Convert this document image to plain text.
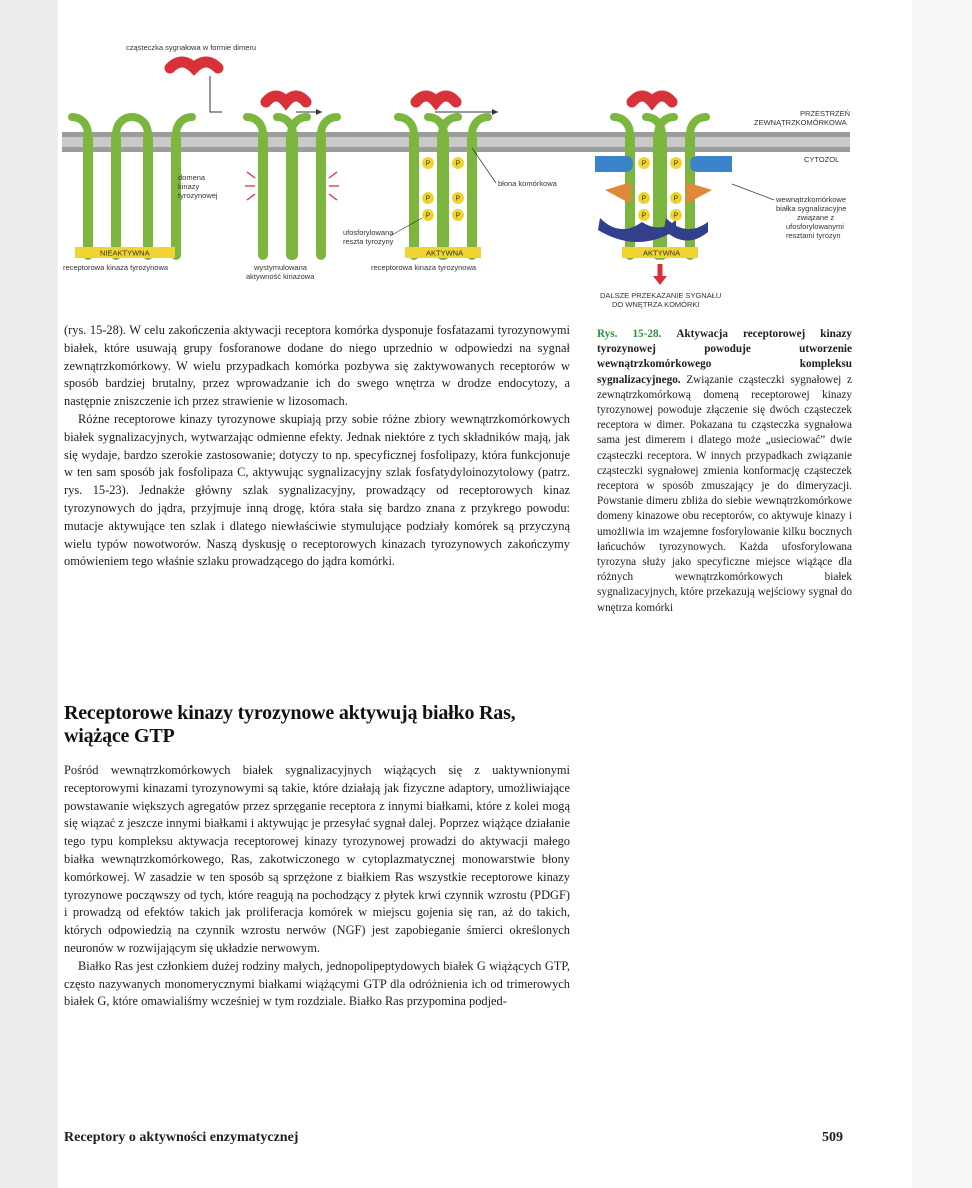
cząsteczka sygnałowa w formie dimeru
domena
kinazy
tyrozynowej
NIEAKTYWNA
receptorowa kinaza tyrozynowa	wystymulowana
aktywność kinazowa
P	P
P	P
P	P
błona komórkowa
ufosforylowana
reszta tyrozyny
AKTYWNA
receptorowa kinaza tyrozynowa
P	P
P	P
P	P
AKTYWNA
DALSZE PRZEKAZANIE SYGNAŁU
DO WNĘTRZA KOMÓRKI
PRZESTRZEŃ
ZEWNĄTRZKOMÓRKOWA
CYTOZOL
wewnątrzkomórkowe
białka sygnalizacyjne
związane z
ufosforylowanymi
resztami tyrozyn

(rys. 15-28). W celu zakończenia aktywacji receptora komórka dysponuje fosfatazami tyrozynowymi białek, które usuwają grupy fosforanowe dodane do niego uprzednio w odpowiedzi na sygnał zewnątrzkomórkowy. W wielu przypadkach komórka pozbywa się zaktywowanych receptorów w sposób bardziej brutalny, przez wprowadzanie ich do swego wnętrza w drodze endocytozy, a następnie zniszczenie ich przez strawienie w lizosomach.

Różne receptorowe kinazy tyrozynowe skupiają przy sobie różne zbiory wewnątrzkomórkowych białek sygnalizacyjnych, wytwarzając odmienne efekty. Jednak niektóre z tych składników mają, jak się wydaje, bardzo szerokie zastosowanie; dotyczy to np. specyficznej fosfolipazy, która funkcjonuje w ten sam sposób jak fosfolipaza C, aktywując sygnalizacyjny szlak fosfatydyloinozytolowy (patrz. rys. 15-23). Jednakże główny szlak sygnalizacyjny, prowadzący od receptorowych kinaz tyrozynowych do jądra, przyjmuje inną drogę, która stała się bardzo znana z przykrego powodu: mutacje aktywujące ten szlak i dlatego niewłaściwie stymulujące podziały komórek są przyczyną wielu typów nowotworów. Naszą dyskusję o receptorowych kinazach tyrozynowych zakończymy omówieniem tego właśnie szlaku prowadzącego do jądra komórki.

Receptorowe kinazy tyrozynowe aktywują białko Ras, wiążące GTP

Pośród wewnątrzkomórkowych białek sygnalizacyjnych wiążących się z uaktywnionymi receptorowymi kinazami tyrozynowymi są takie, które działają jak fizyczne adaptory, umożliwiające powstawanie większych agregatów przez sprzęganie receptora z innymi białkami, które z kolei mogą się wiązać z jeszcze innymi białkami i aktywując je przesyłać sygnał dalej. Poprzez wiążące działanie tego typu kompleksu aktywacja receptorowej kinazy tyrozynowej prowadzi do aktywacji małego białka wewnątrzkomórkowego, Ras, zakotwiczonego w cytoplazmatycznej monowarstwie błony komórkowej. W zasadzie w ten sposób są sprzężone z białkiem Ras wszystkie receptorowe kinazy tyrozynowe począwszy od tych, które reagują na pochodzący z płytek krwi czynnik wzrostu (PDGF) i prowadzą od efektów takich jak proliferacja komórek w miejscu gojenia się ran, aż do takich, których odpowiedzią na czynnik wzrostu nerwów (NGF) jest zapobieganie śmierci określonych neuronów w rozwijającym się układzie nerwowym.

Białko Ras jest członkiem dużej rodziny małych, jednopolipeptydowych białek G wiążących GTP, często nazywanych monomerycznymi białkami wiążącymi GTP dla odróżnienia ich od trimerowych białek G, które omawialiśmy wcześniej w tym rozdziale. Białko Ras przypomina podjed-

Rys. 15-28. Aktywacja receptorowej kinazy tyrozynowej powoduje utworzenie wewnątrzkomórkowego kompleksu sygnalizacyjnego. Związanie cząsteczki sygnałowej z zewnątrzkomórkową domeną receptorowej kinazy tyrozynowej powoduje złączenie się dwóch cząsteczek receptora w dimer. Pokazana tu cząsteczka sygnałowa sama jest dimerem i dlatego może „usieciować” dwie cząsteczki receptora. W innych przypadkach związanie cząsteczki sygnałowej zmienia konformację cząsteczek receptora w sposób zmuszający je do dimeryzacji. Powstanie dimeru zbliża do siebie wewnątrzkomórkowe domeny kinazowe obu receptorów, co aktywuje kinazy i umożliwia im wzajemne fosforylowanie kilku bocznych łańcuchów tyrozynowych. Każda ufosforylowana tyrozyna służy jako specyficzne miejsce wiążące dla różnych wewnątrzkomórkowych białek sygnalizacyjnych, które przekazują wejściowy sygnał do wnętrza komórki
Receptory o aktywności enzymatycznej	509
